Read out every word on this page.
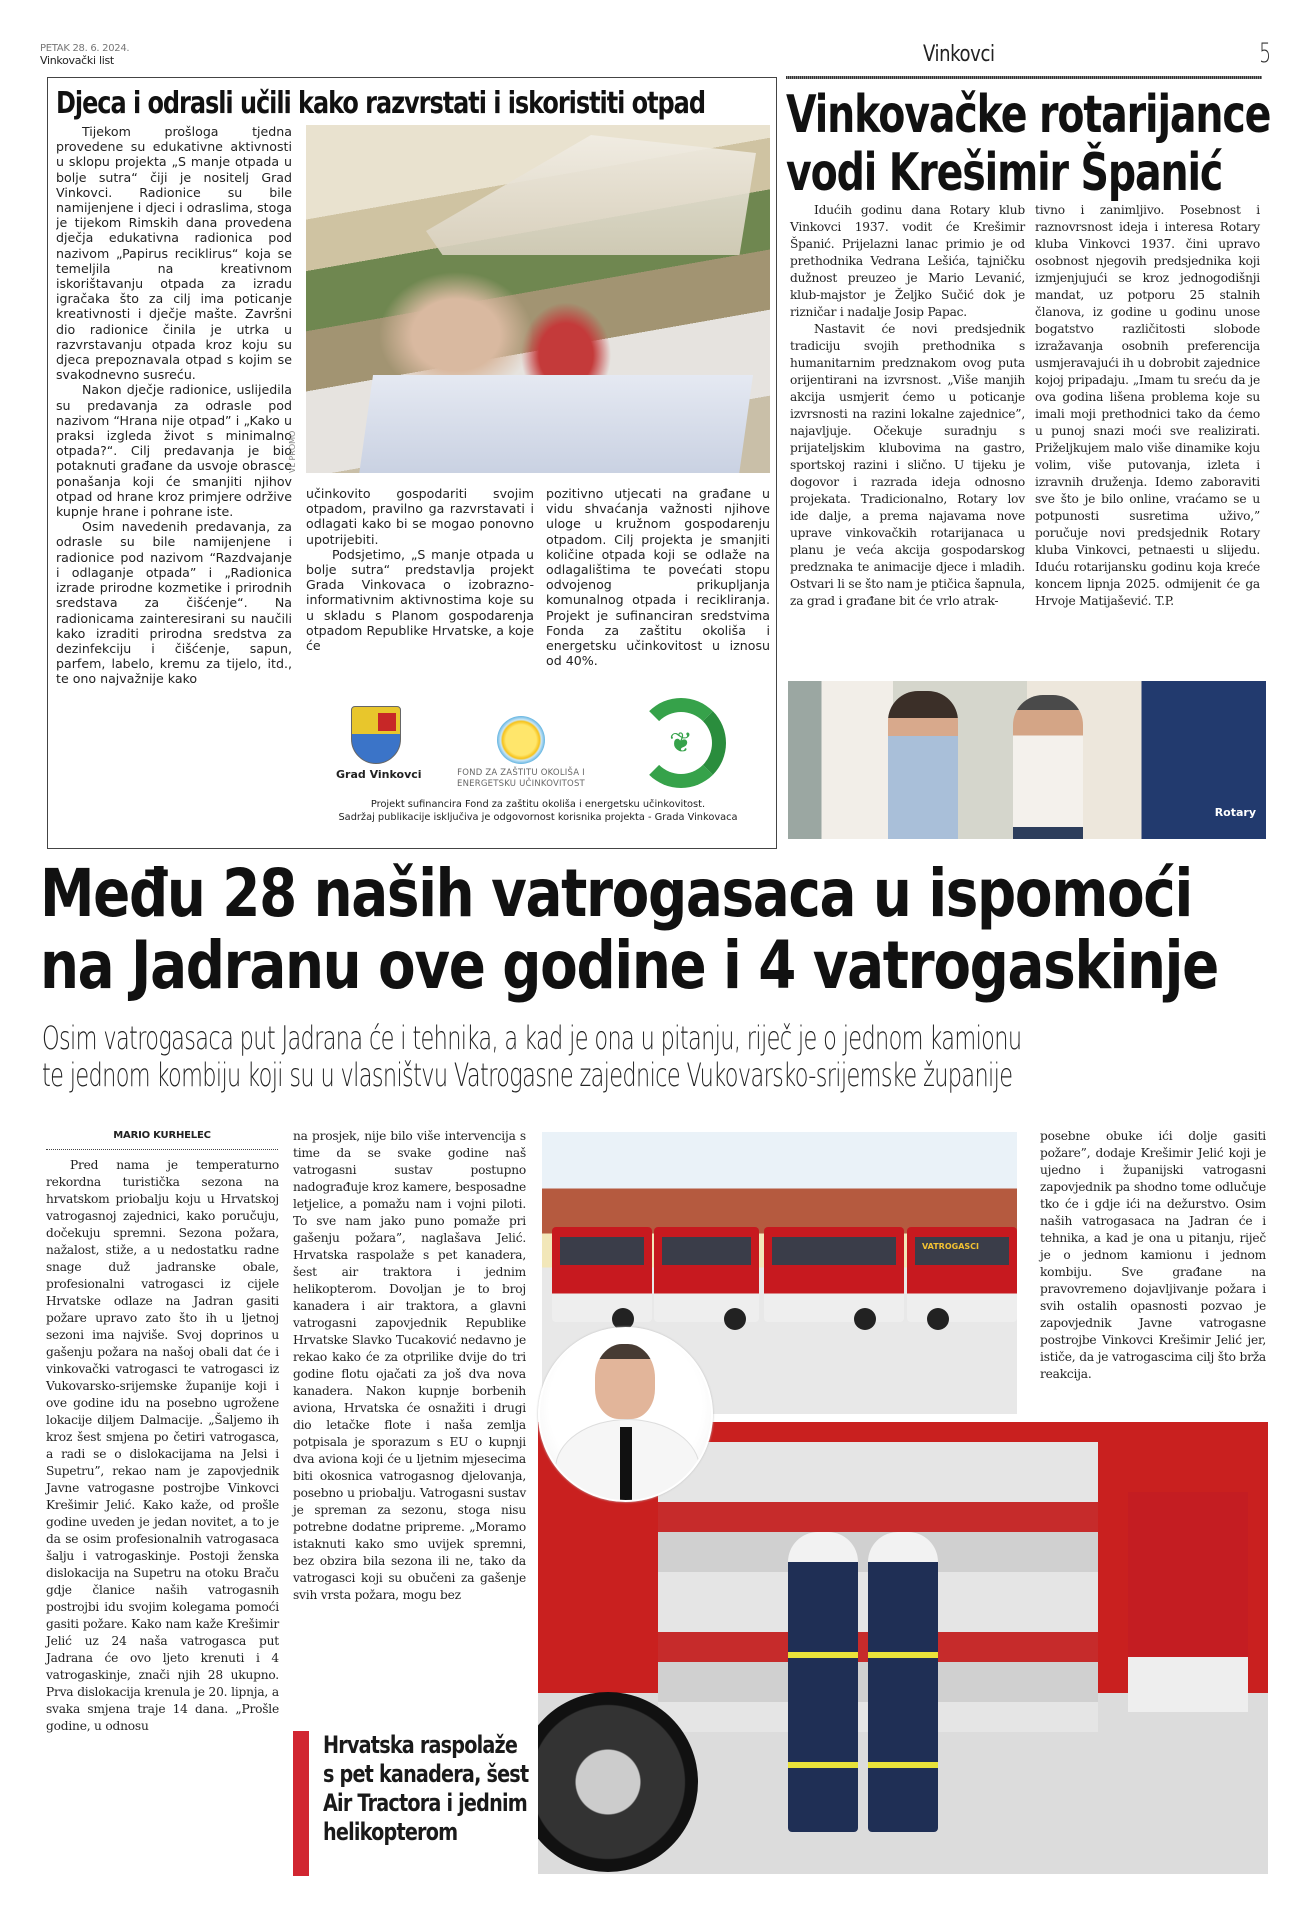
PETAK 28. 6. 2024.
Vinkovački list	Vinkovci	5
Djeca i odrasli učili kako razvrstati i iskoristiti otpad

Tijekom prošloga tjedna provedene su edukativne aktivnosti u sklopu projekta „S manje otpada u bolje sutra“ čiji je nositelj Grad Vinkovci. Radionice su bile namijenjene i djeci i odraslima, stoga je tijekom Rimskih dana provedena dječja edukativna radionica pod nazivom „Papirus reciklirus“ koja se temeljila na kreativnom iskorištavanju otpada za izradu igračaka što za cilj ima poticanje kreativnosti i dječje mašte. Završni dio radionice činila je utrka u razvrstavanju otpada kroz koju su djeca prepoznavala otpad s kojim se svakodnevno susreću.

Nakon dječje radionice, uslijedila su predavanja za odrasle pod nazivom “Hrana nije otpad” i „Kako u praksi izgleda život s minimalno otpada?“. Cilj predavanja je bio potaknuti građane da usvoje obrasce ponašanja koji će smanjiti njihov otpad od hrane kroz primjere održive kupnje hrane i pohrane iste.

Osim navedenih predavanja, za odrasle su bile namijenjene i radionice pod nazivom “Razdvajanje i odlaganje otpada” i „Radionica izrade prirodne kozmetike i prirodnih sredstava za čišćenje“. Na radionicama zainteresirani su naučili kako izraditi prirodna sredstva za dezinfekciju i čišćenje, sapun, parfem, labelo, kremu za tijelo, itd., te ono najvažnije kako

VL PROMO

učinkovito gospodariti svojim otpadom, pravilno ga razvrstavati i odlagati kako bi se mogao ponovno upotrijebiti.

Podsjetimo, „S manje otpada u bolje sutra“ predstavlja projekt Grada Vinkovaca o izobrazno-informativnim aktivnostima koje su u skladu s Planom gospodarenja otpadom Republike Hrvatske, a koje će

pozitivno utjecati na građane u vidu shvaćanja važnosti njihove uloge u kružnom gospodarenju otpadom. Cilj projekta je smanjiti količine otpada koji se odlaže na odlagalištima te povećati stopu odvojenog prikupljanja komunalnog otpada i recikliranja. Projekt je sufinanciran sredstvima Fonda za zaštitu okoliša i energetsku učinkovitost u iznosu od 40%.

Grad Vinkovci	FOND ZA ZAŠTITU OKOLIŠA I
ENERGETSKU UČINKOVITOST
❦
Projekt sufinancira Fond za zaštitu okoliša i energetsku učinkovitost.
Sadržaj publikacije isključiva je odgovornost korisnika projekta - Grada Vinkovaca
Vinkovačke rotarijance
vodi Krešimir Španić

Idućih godinu dana Rotary klub Vinkovci 1937. vodit će Krešimir Španić. Prijelazni lanac primio je od prethodnika Vedrana Lešića, tajničku dužnost preuzeo je Mario Levanić, klub-majstor je Željko Sučić dok je rizničar i nadalje Josip Papac.

Nastavit će novi predsjednik tradiciju svojih prethodnika s humanitarnim predznakom ovog puta orijentirani na izvrsnost. „Više manjih akcija usmjerit ćemo u poticanje izvrsnosti na razini lokalne zajednice”, najavljuje. Očekuje suradnju s prijateljskim klubovima na gastro, sportskoj razini i slično. U tijeku je dogovor i razrada ideja odnosno projekata. Tradicionalno, Rotary lov ide dalje, a prema najavama nove uprave vinkovačkih rotarijanaca u planu je veća akcija gospodarskog predznaka te animacije djece i mladih. Ostvari li se što nam je ptičica šapnula, za grad i građane bit će vrlo atrak-

tivno i zanimljivo. Posebnost i raznovrsnost ideja i interesa Rotary kluba Vinkovci 1937. čini upravo osobnost njegovih predsjednika koji izmjenjujući se kroz jednogodišnji mandat, uz potporu 25 stalnih članova, iz godine u godinu unose bogatstvo različitosti slobode izražavanja osobnih preferencija usmjeravajući ih u dobrobit zajednice kojoj pripadaju. „Imam tu sreću da je ova godina lišena problema koje su imali moji prethodnici tako da ćemo u punoj snazi moći sve realizirati. Priželjkujem malo više dinamike koju volim, više putovanja, izleta i izravnih druženja. Idemo zaboraviti sve što je bilo online, vraćamo se u potpunosti susretima uživo,” poručuje novi predsjednik Rotary kluba Vinkovci, petnaesti u slijedu. Iduću rotarijansku godinu koja kreće koncem lipnja 2025. odmijenit će ga Hrvoje Matijašević. T.P.

Rotary
Među 28 naših vatrogasaca u ispomoći
na Jadranu ove godine i 4 vatrogaskinje
Osim vatrogasaca put Jadrana će i tehnika, a kad je ona u pitanju, riječ je o jednom kamionu
te jednom kombiju koji su u vlasništvu Vatrogasne zajednice Vukovarsko-srijemske županije
MARIO KURHELEC

Pred nama je temperaturno rekordna turistička sezona na hrvatskom priobalju koju u Hrvatskoj vatrogasnoj zajednici, kako poručuju, dočekuju spremni. Sezona požara, nažalost, stiže, a u nedostatku radne snage duž jadranske obale, profesionalni vatrogasci iz cijele Hrvatske odlaze na Jadran gasiti požare upravo zato što ih u ljetnoj sezoni ima najviše. Svoj doprinos u gašenju požara na našoj obali dat će i vinkovački vatrogasci te vatrogasci iz Vukovarsko-srijemske županije koji i ove godine idu na posebno ugrožene lokacije diljem Dalmacije. „Šaljemo ih kroz šest smjena po četiri vatrogasca, a radi se o dislokacijama na Jelsi i Supetru”, rekao nam je zapovjednik Javne vatrogasne postrojbe Vinkovci Krešimir Jelić. Kako kaže, od prošle godine uveden je jedan novitet, a to je da se osim profesionalnih vatrogasaca šalju i vatrogaskinje. Postoji ženska dislokacija na Supetru na otoku Braču gdje članice naših vatrogasnih postrojbi idu svojim kolegama pomoći gasiti požare. Kako nam kaže Krešimir Jelić uz 24 naša vatrogasca put Jadrana će ovo ljeto krenuti i 4 vatrogaskinje, znači njih 28 ukupno. Prva dislokacija krenula je 20. lipnja, a svaka smjena traje 14 dana. „Prošle godine, u odnosu

na prosjek, nije bilo više intervencija s time da se svake godine naš vatrogasni sustav postupno nadograđuje kroz kamere, besposadne letjelice, a pomažu nam i vojni piloti. To sve nam jako puno pomaže pri gašenju požara”, naglašava Jelić. Hrvatska raspolaže s pet kanadera, šest air traktora i jednim helikopterom. Dovoljan je to broj kanadera i air traktora, a glavni vatrogasni zapovjednik Republike Hrvatske Slavko Tucaković nedavno je rekao kako će za otprilike dvije do tri godine flotu ojačati za još dva nova kanadera. Nakon kupnje borbenih aviona, Hrvatska će osnažiti i drugi dio letačke flote i naša zemlja potpisala je sporazum s EU o kupnji dva aviona koji će u ljetnim mjesecima biti okosnica vatrogasnog djelovanja, posebno u priobalju. Vatrogasni sustav je spreman za sezonu, stoga nisu potrebne dodatne pripreme. „Moramo istaknuti kako smo uvijek spremni, bez obzira bila sezona ili ne, tako da vatrogasci koji su obučeni za gašenje svih vrsta požara, mogu bez

posebne obuke ići dolje gasiti požare”, dodaje Krešimir Jelić koji je ujedno i županijski vatrogasni zapovjednik pa shodno tome odlučuje tko će i gdje ići na dežurstvo. Osim naših vatrogasaca na Jadran će i tehnika, a kad je ona u pitanju, riječ je o jednom kamionu i jednom kombiju. Sve građane na pravovremeno dojavljivanje požara i svih ostalih opasnosti pozvao je zapovjednik Javne vatrogasne postrojbe Vinkovci Krešimir Jelić jer, ističe, da je vatrogascima cilj što brža reakcija.

Hrvatska raspolaže s pet kanadera, šest Air Tractora i jednim helikopterom
VATROGASCI
